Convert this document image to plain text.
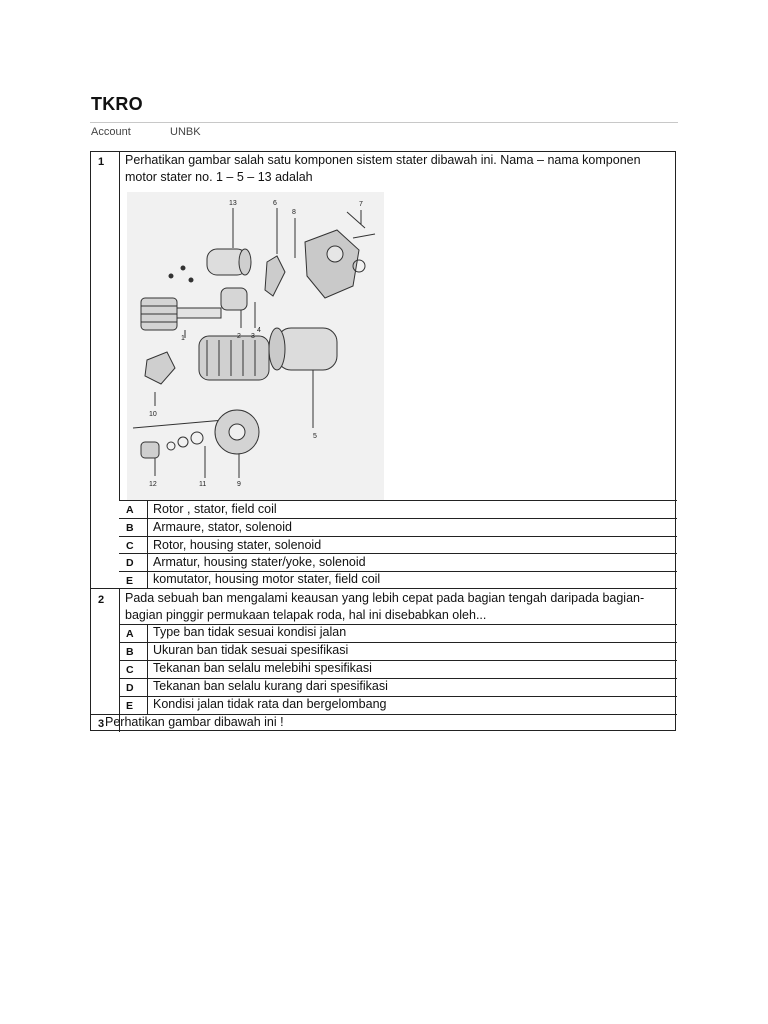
TKRO
Account	UNBK
1 Perhatikan gambar salah satu komponen sistem stater dibawah ini. Nama – nama komponen motor stater no. 1 – 5 – 13 adalah
13	6
8
7
1	2 3
5
10
12	11	9
4
A Rotor , stator, field coil
B Armaure, stator, solenoid
C Rotor, housing stater, solenoid
D Armatur, housing stater/yoke, solenoid
E komutator, housing motor stater, field coil
2 Pada sebuah ban mengalami keausan yang lebih cepat pada bagian tengah daripada bagian-bagian pinggir permukaan telapak roda, hal ini disebabkan oleh...
A Type ban tidak sesuai kondisi jalan
B Ukuran ban tidak sesuai spesifikasi
C Tekanan ban selalu melebihi spesifikasi
D Tekanan ban selalu kurang dari spesifikasi
E Kondisi jalan tidak rata dan bergelombang
3 Perhatikan gambar dibawah ini !
